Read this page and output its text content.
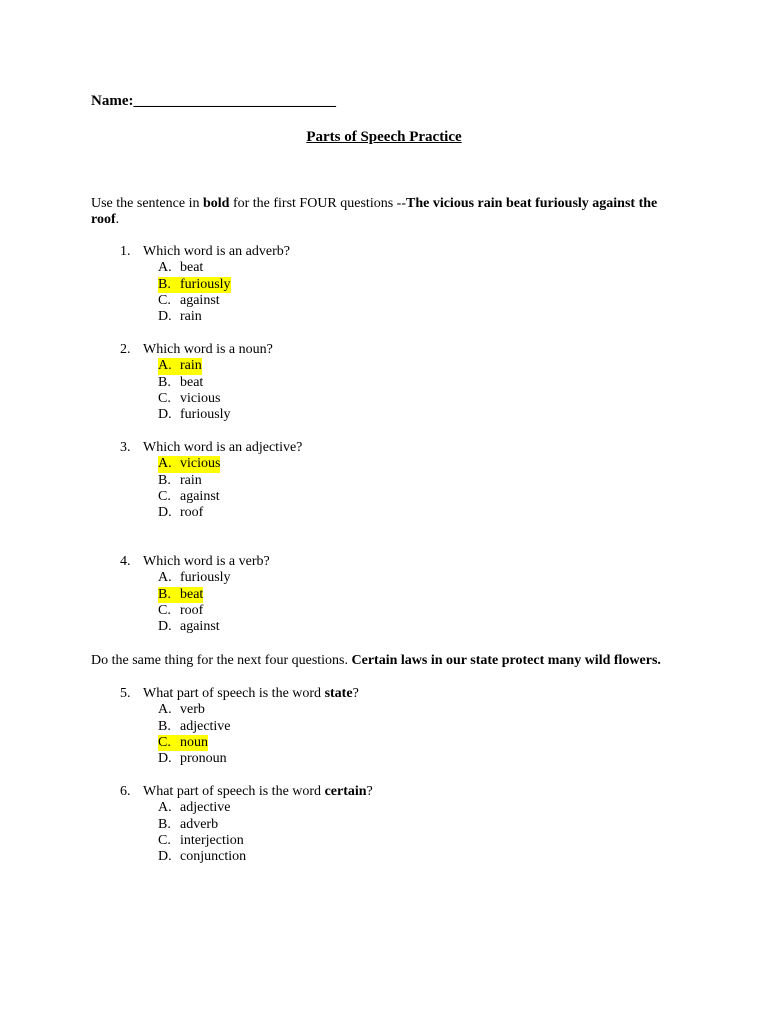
Name:___________________________
Parts of Speech Practice
Use the sentence in bold for the first FOUR questions --The vicious rain beat furiously against the roof.
1. Which word is an adverb?
A. beat
B. furiously
C. against
D. rain
2. Which word is a noun?
A. rain
B. beat
C. vicious
D. furiously
3. Which word is an adjective?
A. vicious
B. rain
C. against
D. roof
4. Which word is a verb?
A. furiously
B. beat
C. roof
D. against
Do the same thing for the next four questions. Certain laws in our state protect many wild flowers.
5. What part of speech is the word state?
A. verb
B. adjective
C. noun
D. pronoun
6. What part of speech is the word certain?
A. adjective
B. adverb
C. interjection
D. conjunction
